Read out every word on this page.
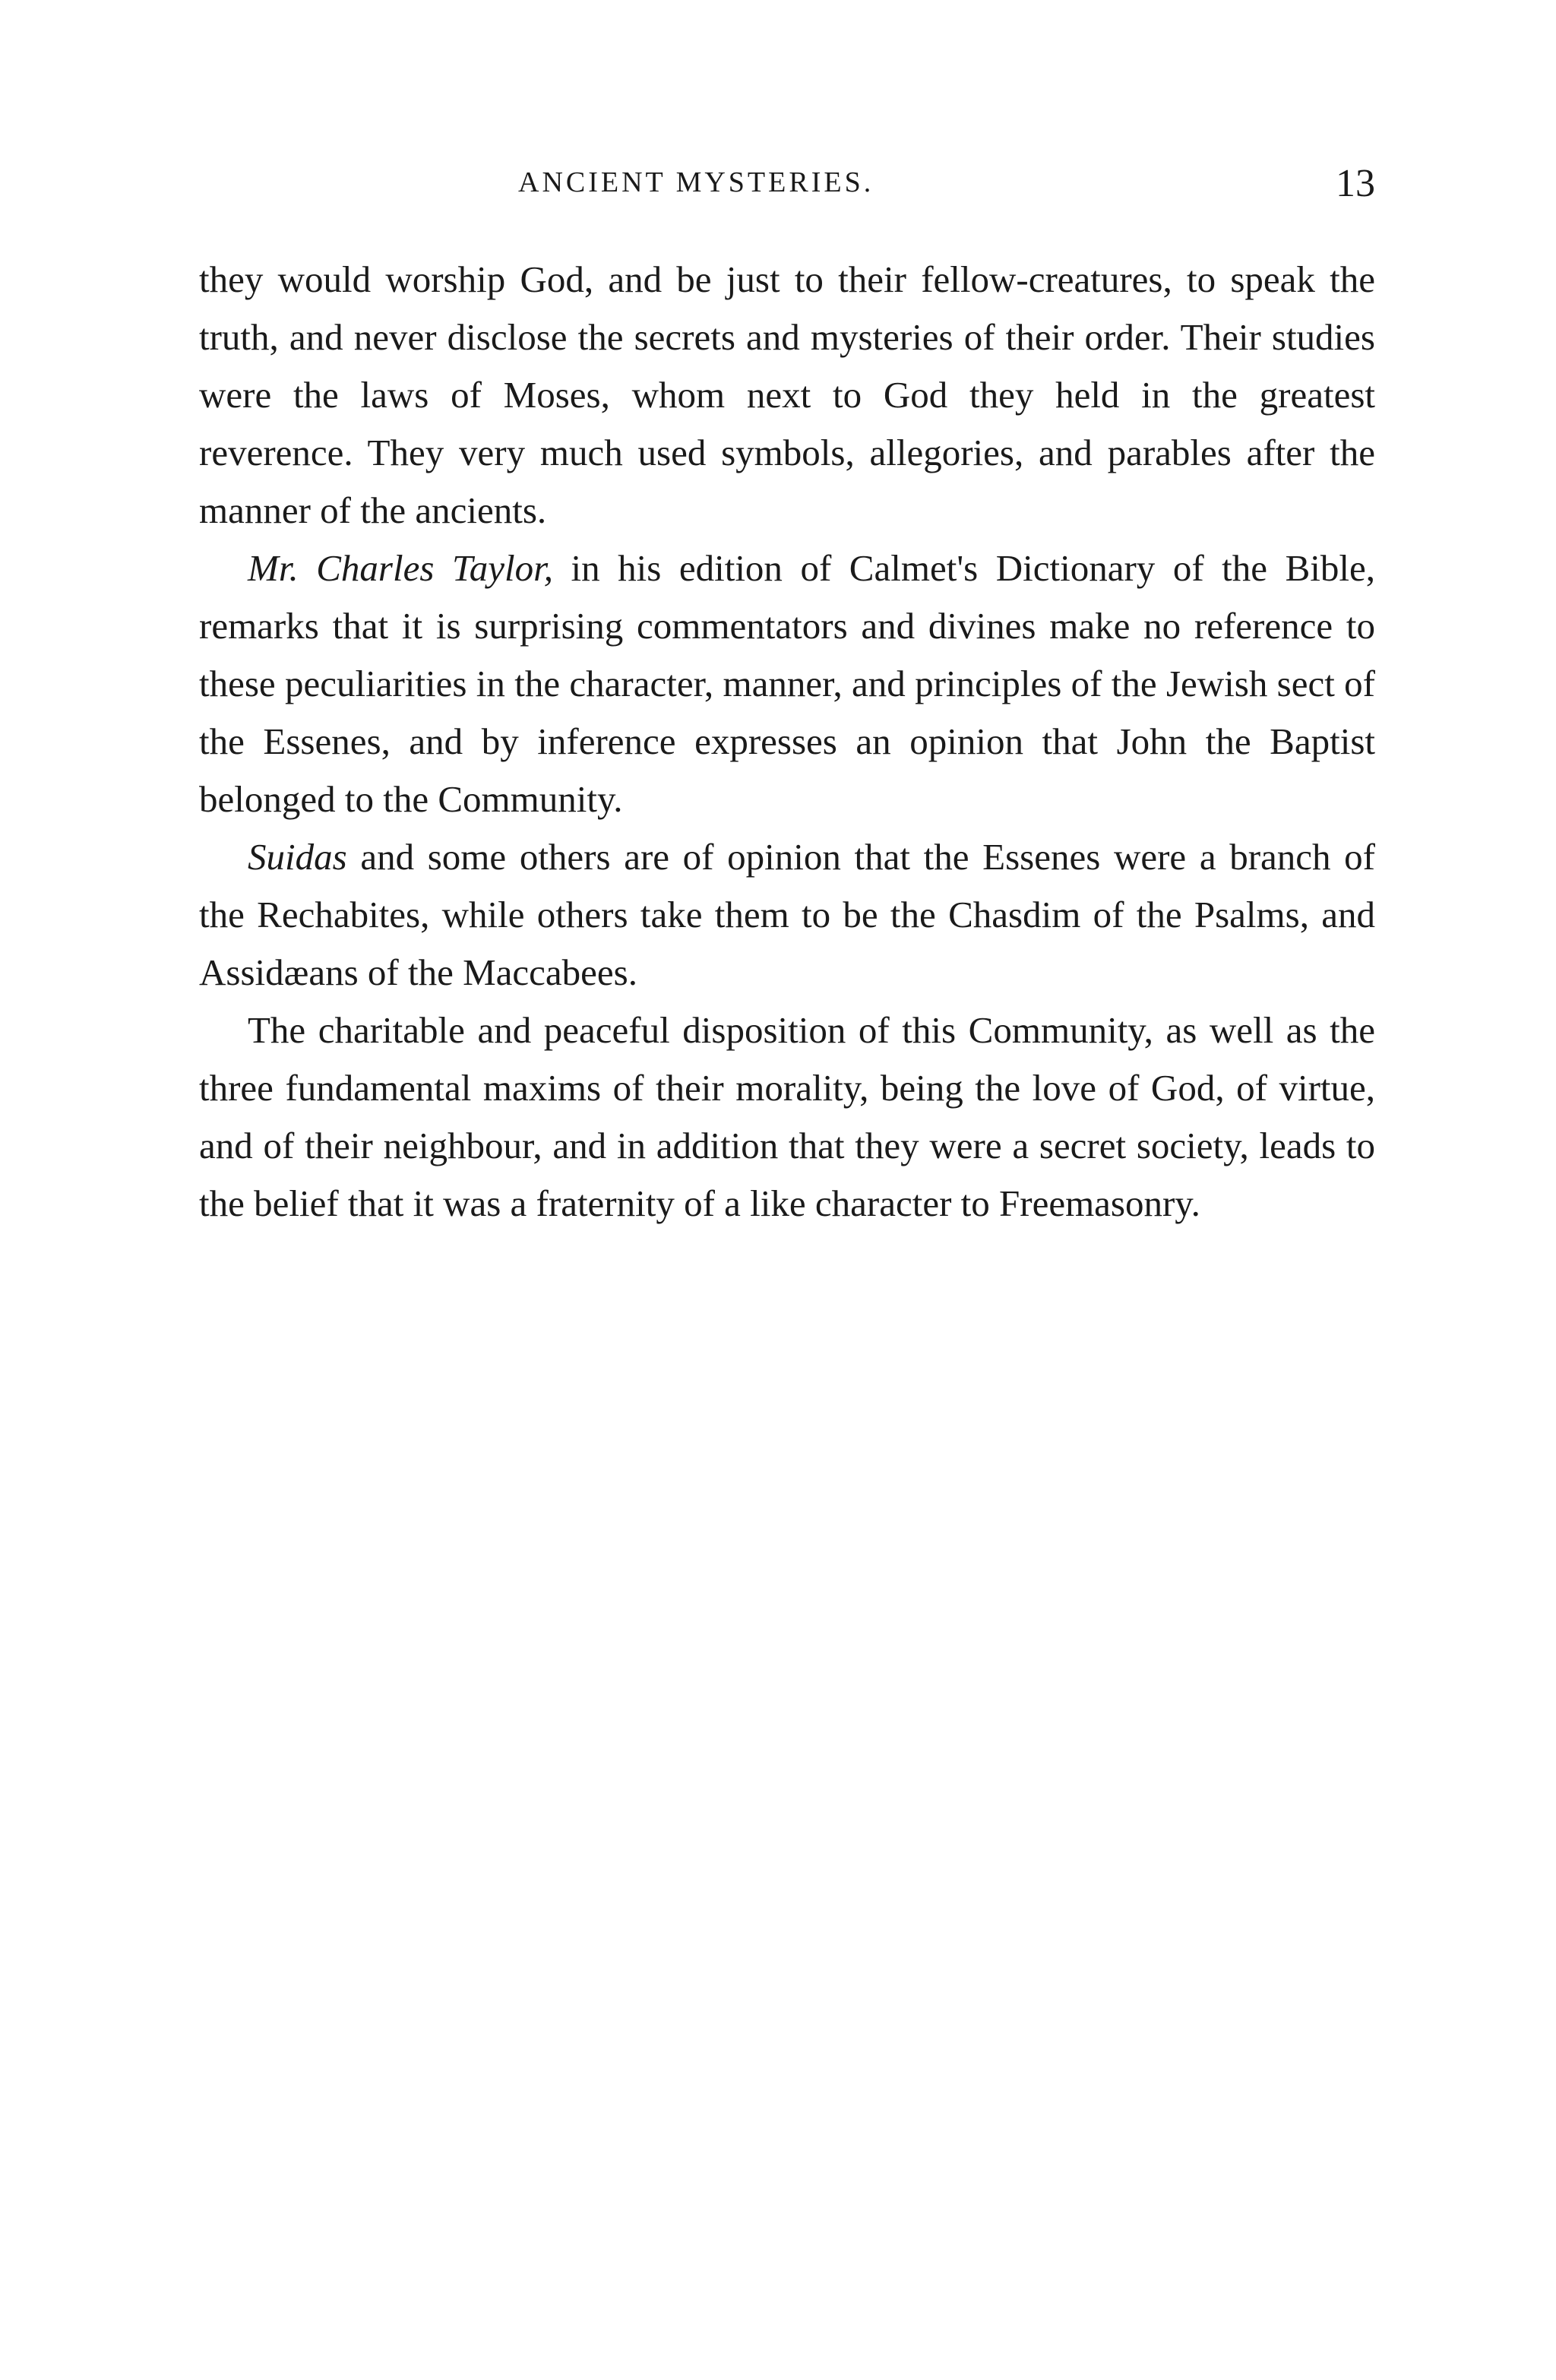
ANCIENT MYSTERIES.	13

they would worship God, and be just to their fellow-creatures, to speak the truth, and never disclose the secrets and mysteries of their order. Their studies were the laws of Moses, whom next to God they held in the greatest reverence. They very much used symbols, allegories, and parables after the manner of the ancients.

Mr. Charles Taylor, in his edition of Calmet's Dictionary of the Bible, remarks that it is surprising commentators and divines make no reference to these peculiarities in the character, manner, and principles of the Jewish sect of the Essenes, and by inference expresses an opinion that John the Baptist belonged to the Community.

Suidas and some others are of opinion that the Essenes were a branch of the Rechabites, while others take them to be the Chasdim of the Psalms, and Assidæans of the Maccabees.

The charitable and peaceful disposition of this Community, as well as the three fundamental maxims of their morality, being the love of God, of virtue, and of their neighbour, and in addition that they were a secret society, leads to the belief that it was a fraternity of a like character to Freemasonry.
